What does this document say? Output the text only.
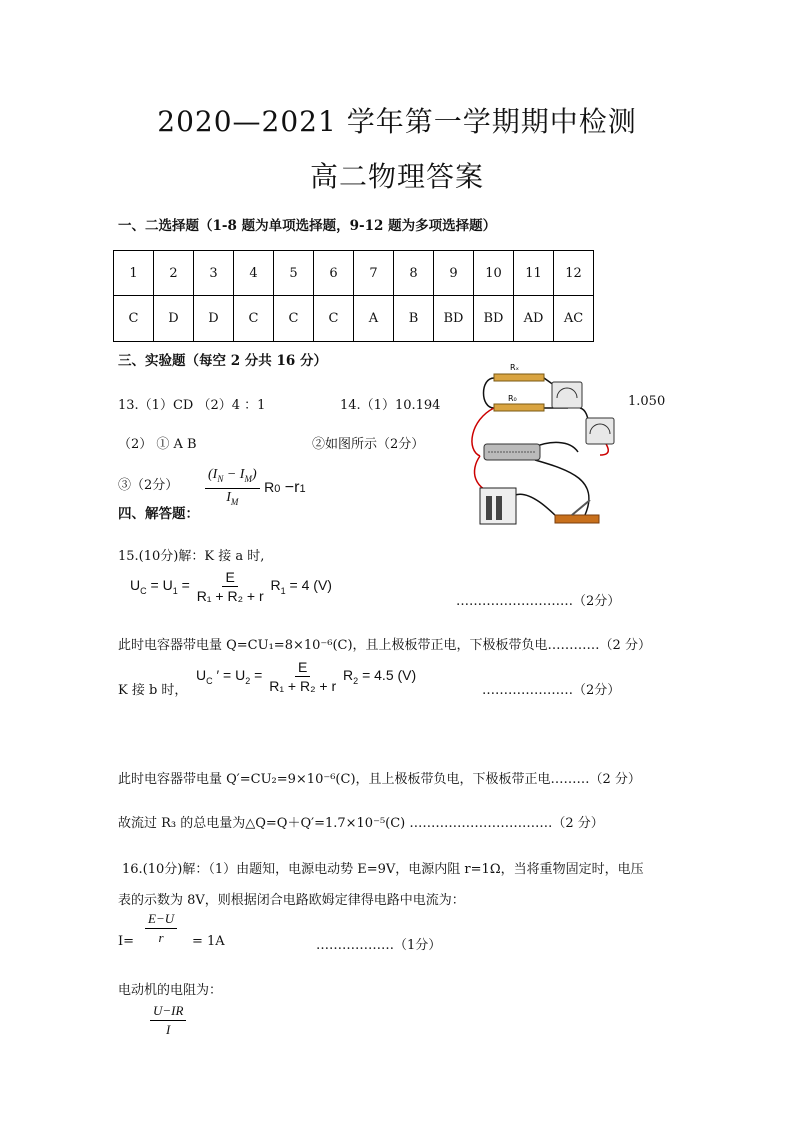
2020—2021 学年第一学期期中检测
高二物理答案
一、二选择题（1-8 题为单项选择题，9-12 题为多项选择题）
1	2	3	4	5	6	7	8	9	10	11	12
C	D	D	C	C	C	A	B	BD	BD	AD	AC
三、实验题（每空 2 分共 16 分）
13.（1）CD （2）4 ：1	14.（1）10.194	1.050
（2） ① A B	②如图所示（2分）
③（2分） $\frac{(I_N - I_M)}{I_M} R0 -r1$
四、解答题：
Rₓ
R₀
15.(10分)解：K 接 a 时,
$U_C = U_1 = \frac{E}{\text{R₁ + R₂ + r}} R_1 = 4$ (V)
………………………（2分）
此时电容器带电量 Q=CU₁=8×10⁻⁶(C)，且上极板带正电，下极板带负电…………（2 分）
K 接 b 时，
$U_C$ ′ = $U_2 = \frac{E}{\text{R₁ + R₂ + r}} R_2 = 4.5$ (V)
…………………（2分）
此时电容器带电量 Q′=CU₂=9×10⁻⁶(C)，且上极板带负电，下极板带正电………（2 分）
故流过 R₃ 的总电量为△Q=Q＋Q′=1.7×10⁻⁵(C) ……………………………（2 分）
16.(10分)解：（1）由题知，电源电动势 E=9V，电源内阻 r=1Ω，当将重物固定时，电压
表的示数为 8V，则根据闭合电路欧姆定律得电路中电流为：
$I= \frac{E-U}{r} = 1A$	………………（1分）
电动机的电阻为：
$\frac{U-IR}{I}$
